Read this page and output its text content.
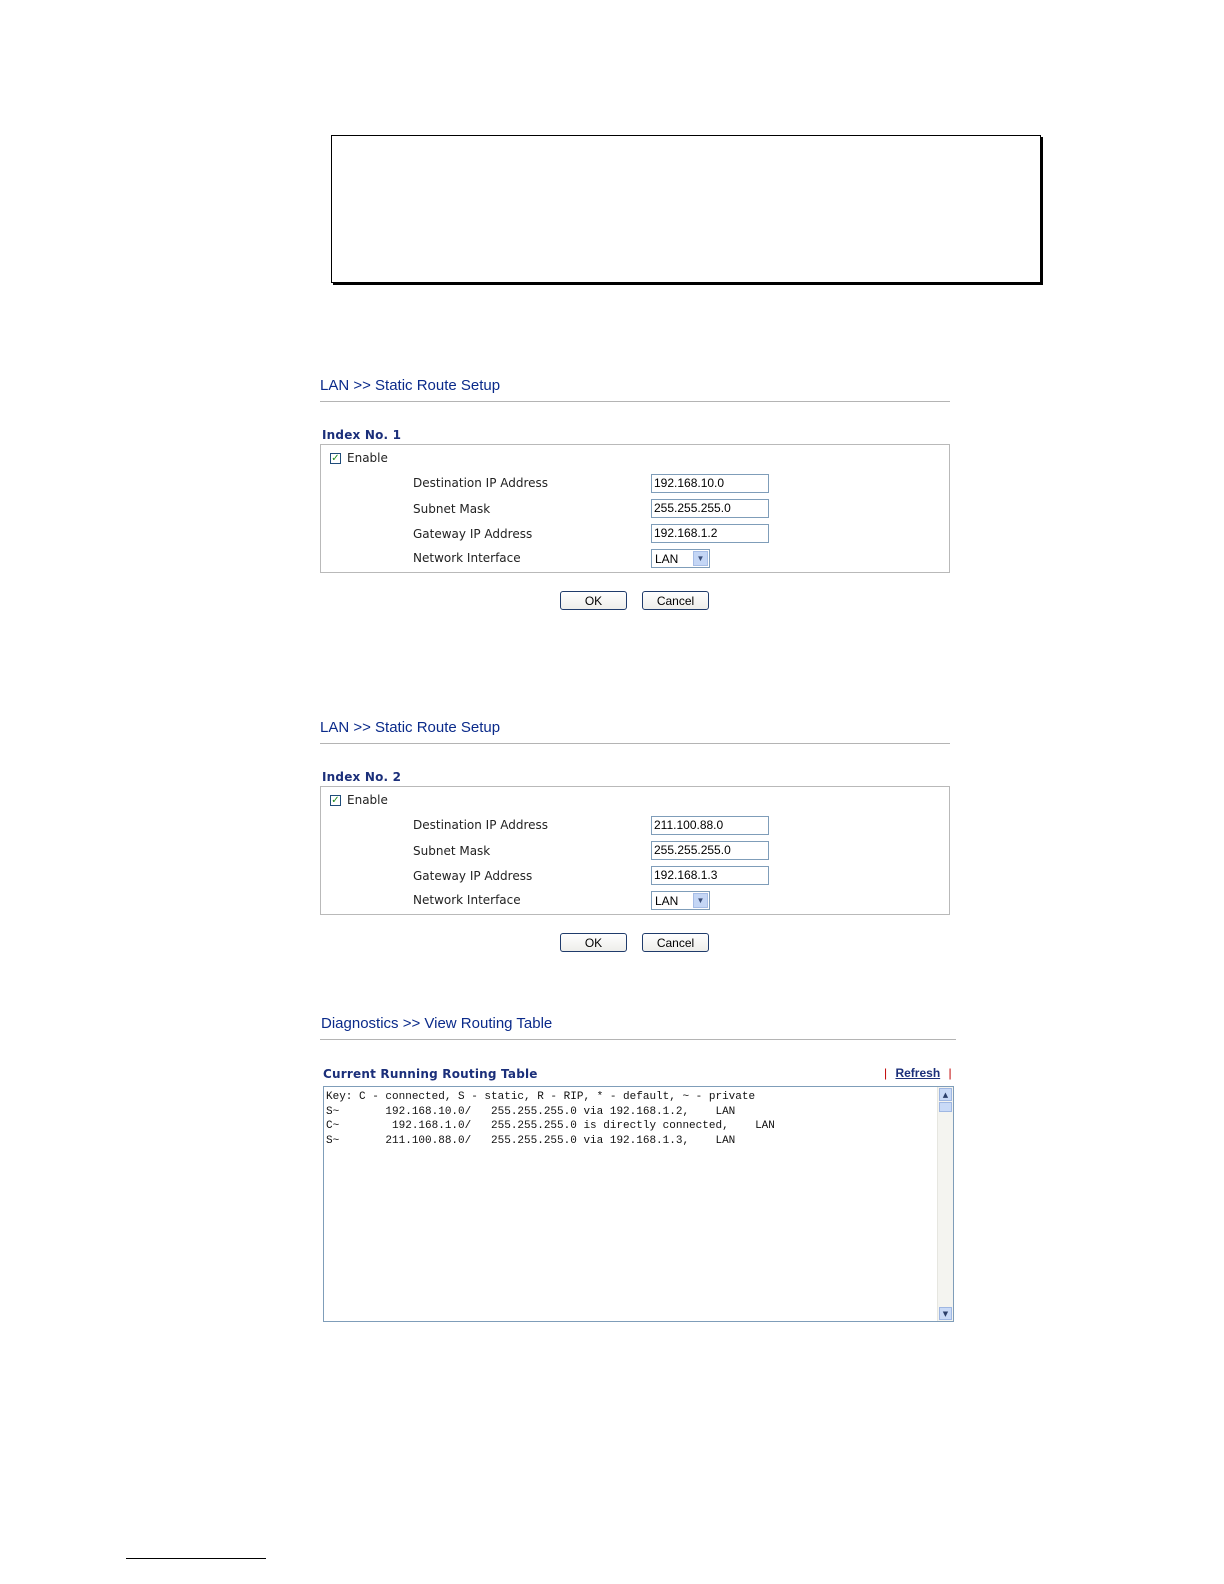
LAN >> Static Route Setup
Index No. 1
✓ Enable
Destination IP Address	192.168.10.0
Subnet Mask	255.255.255.0
Gateway IP Address	192.168.1.2
Network Interface	LAN	▼
OK	Cancel
LAN >> Static Route Setup
Index No. 2
✓ Enable
Destination IP Address	211.100.88.0
Subnet Mask	255.255.255.0
Gateway IP Address	192.168.1.3
Network Interface	LAN	▼
OK	Cancel
Diagnostics >> View Routing Table
Current Running Routing Table	| Refresh |
Key: C - connected, S - static, R - RIP, * - default, ~ - private
S~       192.168.10.0/   255.255.255.0 via 192.168.1.2,    LAN
C~        192.168.1.0/   255.255.255.0 is directly connected,    LAN
S~       211.100.88.0/   255.255.255.0 via 192.168.1.3,    LAN
▲
▼
